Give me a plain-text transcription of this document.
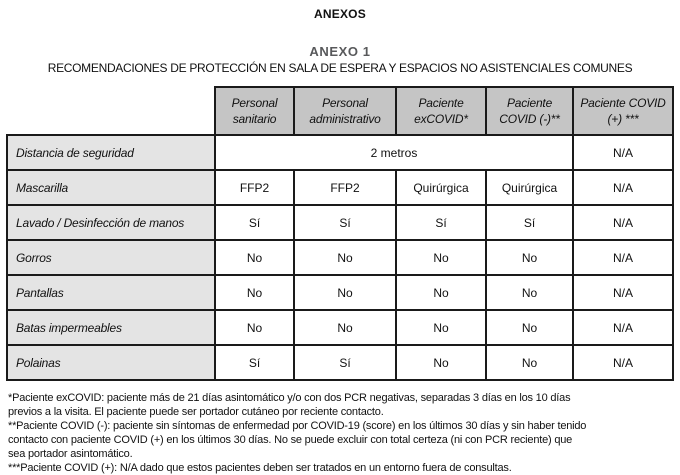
ANEXOS
ANEXO 1
RECOMENDACIONES DE PROTECCIÓN EN SALA DE ESPERA Y ESPACIOS NO ASISTENCIALES COMUNES
	Personal sanitario	Personal administrativo	Paciente exCOVID*	Paciente COVID (-)**	Paciente COVID (+) ***
Distancia de seguridad	2 metros				N/A
Mascarilla	FFP2	FFP2	Quirúrgica	Quirúrgica	N/A
Lavado / Desinfección de manos	Sí	Sí	Sí	Sí	N/A
Gorros	No	No	No	No	N/A
Pantallas	No	No	No	No	N/A
Batas impermeables	No	No	No	No	N/A
Polainas	Sí	Sí	No	No	N/A
*Paciente exCOVID: paciente más de 21 días asintomático y/o con dos PCR negativas, separadas 3 días en los 10 días
previos a la visita. El paciente puede ser portador cutáneo por reciente contacto.
**Paciente COVID (-): paciente sin síntomas de enfermedad por COVID-19 (score) en los últimos 30 días y sin haber tenido
contacto con paciente COVID (+) en los últimos 30 días. No se puede excluir con total certeza (ni con PCR reciente) que
sea portador asintomático.
***Paciente COVID (+): N/A dado que estos pacientes deben ser tratados en un entorno fuera de consultas.
